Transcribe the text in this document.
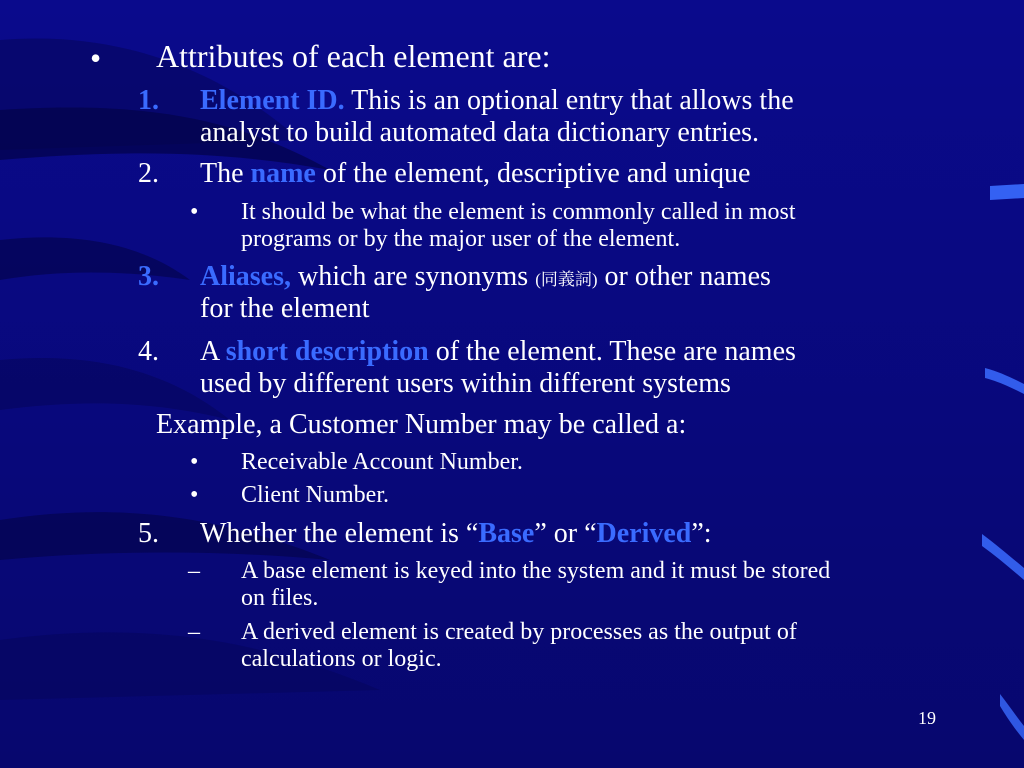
• Attributes of each element are:
1. Element ID. This is an optional entry that allows the
analyst to build automated data dictionary entries.
2. The name of the element, descriptive and unique
• It should be what the element is commonly called in most
programs or by the major user of the element.
3. Aliases, which are synonyms (同義詞) or other names
for the element
4. A short description of the element. These are names
used by different users within different systems
Example, a Customer Number may be called a:
• Receivable Account Number.
• Client Number.
5. Whether the element is “Base” or “Derived”:
– A base element is keyed into the system and it must be stored
on files.
– A derived element is created by processes as the output of
calculations or logic.
19
